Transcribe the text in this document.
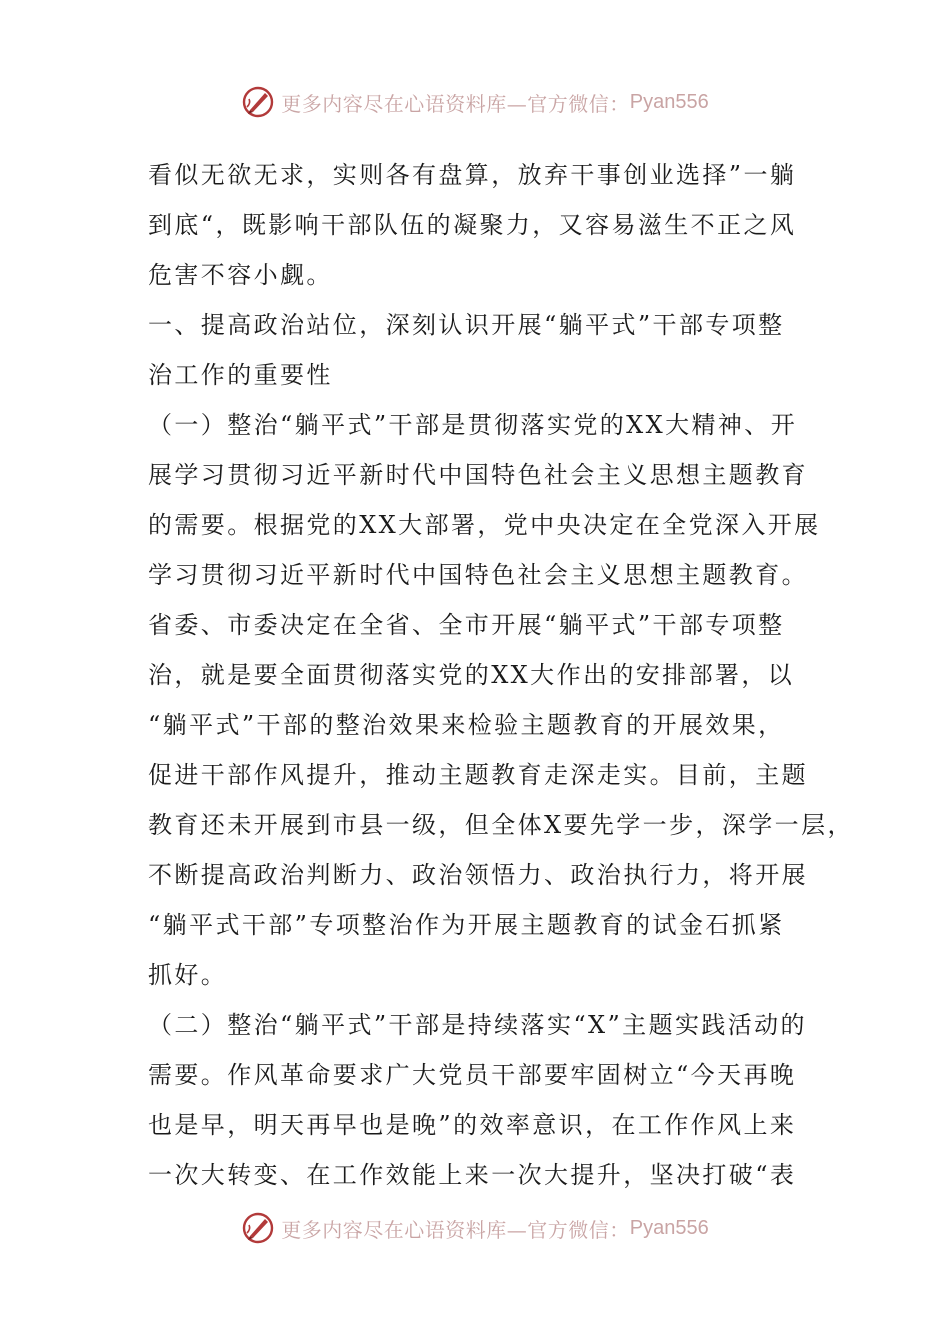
更多内容尽在心语资料库—官方微信： Pyan556
看似无欲无求，实则各有盘算，放弃干事创业选择”一躺
到底“，既影响干部队伍的凝聚力，又容易滋生不正之风
危害不容小觑。
一、提高政治站位，深刻认识开展“躺平式”干部专项整
治工作的重要性
（一）整治“躺平式”干部是贯彻落实党的XX大精神、开
展学习贯彻习近平新时代中国特色社会主义思想主题教育
的需要。根据党的XX大部署，党中央决定在全党深入开展
学习贯彻习近平新时代中国特色社会主义思想主题教育。
省委、市委决定在全省、全市开展“躺平式”干部专项整
治，就是要全面贯彻落实党的XX大作出的安排部署，以
“躺平式”干部的整治效果来检验主题教育的开展效果，
促进干部作风提升，推动主题教育走深走实。目前，主题
教育还未开展到市县一级，但全体X要先学一步，深学一层，
不断提高政治判断力、政治领悟力、政治执行力，将开展
“躺平式干部”专项整治作为开展主题教育的试金石抓紧
抓好。
（二）整治“躺平式”干部是持续落实“X”主题实践活动的
需要。作风革命要求广大党员干部要牢固树立“今天再晚
也是早，明天再早也是晚”的效率意识，在工作作风上来
一次大转变、在工作效能上来一次大提升，坚决打破“表
更多内容尽在心语资料库—官方微信： Pyan556
